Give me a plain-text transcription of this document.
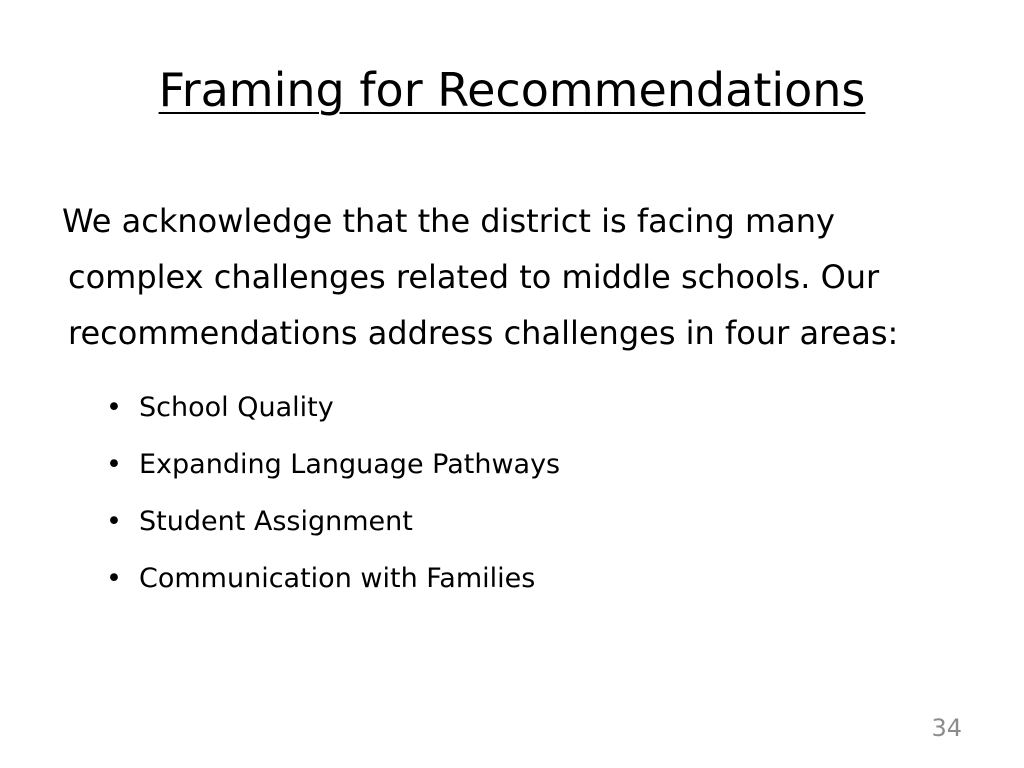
Framing for Recommendations

We acknowledge that the district is facing many complex challenges related to middle schools. Our recommendations address challenges in four areas:

• School Quality
• Expanding Language Pathways
• Student Assignment
• Communication with Families
34
